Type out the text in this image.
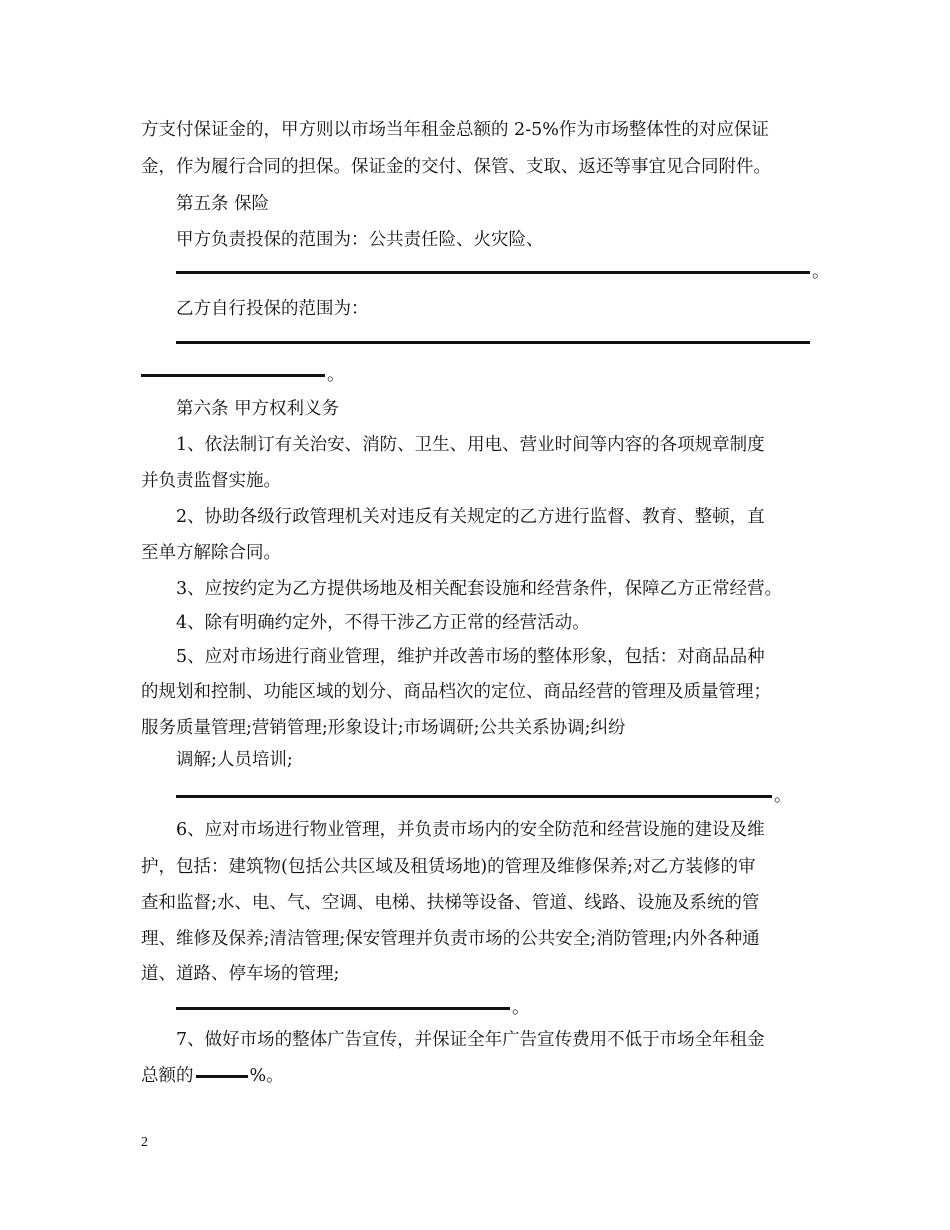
方支付保证金的，甲方则以市场当年租金总额的 2-5%作为市场整体性的对应保证
金，作为履行合同的担保。保证金的交付、保管、支取、返还等事宜见合同附件。
第五条 保险
甲方负责投保的范围为：公共责任险、火灾险、
。
乙方自行投保的范围为：
。
第六条 甲方权利义务
1、依法制订有关治安、消防、卫生、用电、营业时间等内容的各项规章制度
并负责监督实施。
2、协助各级行政管理机关对违反有关规定的乙方进行监督、教育、整顿，直
至单方解除合同。
3、应按约定为乙方提供场地及相关配套设施和经营条件，保障乙方正常经营。
4、除有明确约定外，不得干涉乙方正常的经营活动。
5、应对市场进行商业管理，维护并改善市场的整体形象，包括：对商品品种
的规划和控制、功能区域的划分、商品档次的定位、商品经营的管理及质量管理；
服务质量管理;营销管理;形象设计;市场调研;公共关系协调;纠纷
调解;人员培训;
。
6、应对市场进行物业管理，并负责市场内的安全防范和经营设施的建设及维
护，包括：建筑物(包括公共区域及租赁场地)的管理及维修保养;对乙方装修的审
查和监督;水、电、气、空调、电梯、扶梯等设备、管道、线路、设施及系统的管
理、维修及保养;清洁管理;保安管理并负责市场的公共安全;消防管理;内外各种通
道、道路、停车场的管理;
。
7、做好市场的整体广告宣传，并保证全年广告宣传费用不低于市场全年租金
总额的	%。
2
